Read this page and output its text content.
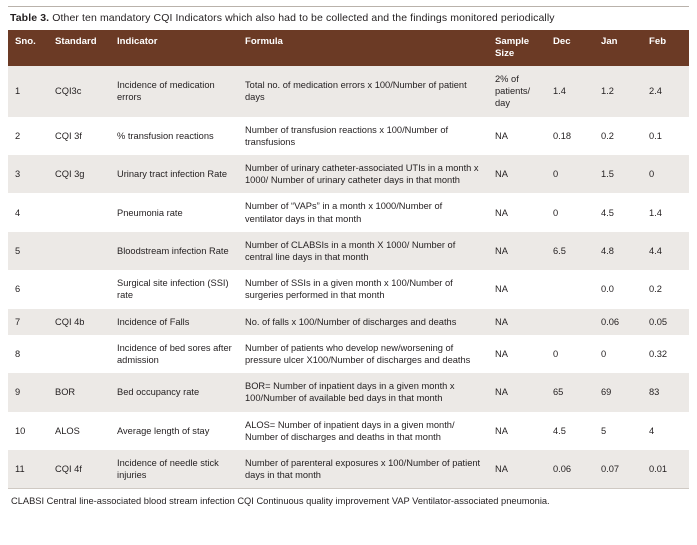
Table 3. Other ten mandatory CQI Indicators which also had to be collected and the findings monitored periodically
Sno.	Standard	Indicator	Formula	Sample Size	Dec	Jan	Feb
1	CQI3c	Incidence of medication errors	Total no. of medication errors x 100/Number of patient days	2% of patients/ day	1.4	1.2	2.4
2	CQI 3f	% transfusion reactions	Number of transfusion reactions x 100/Number of transfusions	NA	0.18	0.2	0.1
3	CQI 3g	Urinary tract infection Rate	Number of urinary catheter-associated UTIs in a month x 1000/ Number of urinary catheter days in that month	NA	0	1.5	0
4		Pneumonia rate	Number of “VAPs” in a month x 1000/Number of ventilator days in that month	NA	0	4.5	1.4
5		Bloodstream infection Rate	Number of CLABSIs in a month X 1000/ Number of central line days in that month	NA	6.5	4.8	4.4
6		Surgical site infection (SSI) rate	Number of SSIs in a given month x 100/Number of surgeries performed in that month	NA		0.0	0.2
7	CQI 4b	Incidence of Falls	No. of falls x 100/Number of discharges and deaths	NA		0.06	0.05
8		Incidence of bed sores after admission	Number of patients who develop new/worsening of pressure ulcer X100/Number of discharges and deaths	NA	0	0	0.32
9	BOR	Bed occupancy rate	BOR= Number of inpatient days in a given month x 100/Number of available bed days in that month	NA	65	69	83
10	ALOS	Average length of stay	ALOS= Number of inpatient days in a given month/ Number of discharges and deaths in that month	NA	4.5	5	4
11	CQI 4f	Incidence of needle stick injuries	Number of parenteral exposures x 100/Number of patient days in that month	NA	0.06	0.07	0.01
CLABSI Central line-associated blood stream infection CQI Continuous quality improvement VAP Ventilator-associated pneumonia.
